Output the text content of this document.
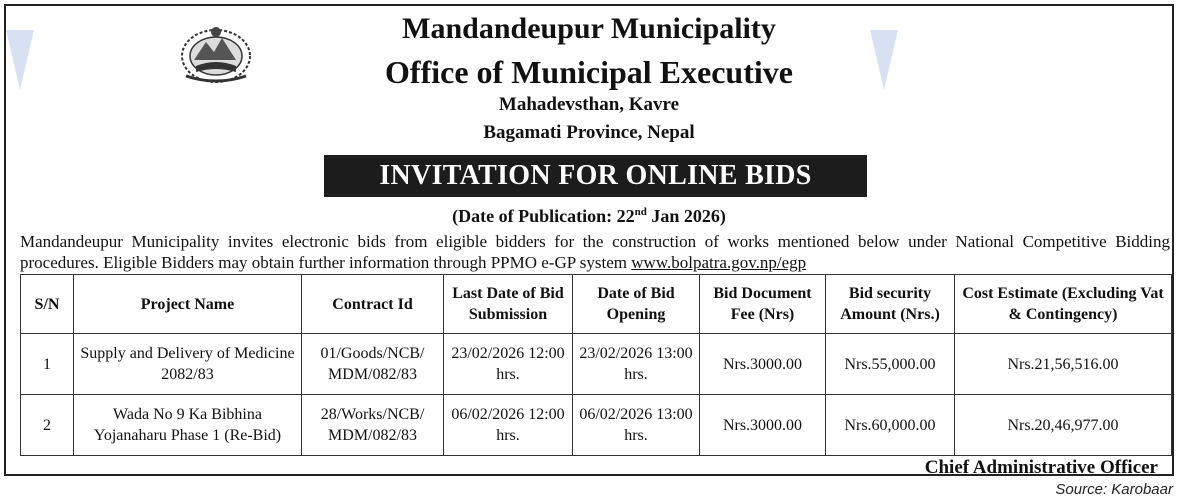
Mandandeupur Municipality
Office of Municipal Executive
Mahadevsthan, Kavre
Bagamati Province, Nepal
INVITATION FOR ONLINE BIDS
(Date of Publication: 22nd Jan 2026)
Mandandeupur Municipality invites electronic bids from eligible bidders for the construction of works mentioned below under National Competitive Bidding procedures. Eligible Bidders may obtain further information through PPMO e-GP system www.bolpatra.gov.np/egp
S/N	Project Name	Contract Id	Last Date of Bid Submission	Date of Bid Opening	Bid Document Fee (Nrs)	Bid security Amount (Nrs.)	Cost Estimate (Excluding Vat & Contingency)
1	Supply and Delivery of Medicine 2082/83	01/Goods/NCB/ MDM/082/83	23/02/2026 12:00 hrs.	23/02/2026 13:00 hrs.	Nrs.3000.00	Nrs.55,000.00	Nrs.21,56,516.00
2	Wada No 9 Ka Bibhina Yojanaharu Phase 1 (Re-Bid)	28/Works/NCB/ MDM/082/83	06/02/2026 12:00 hrs.	06/02/2026 13:00 hrs.	Nrs.3000.00	Nrs.60,000.00	Nrs.20,46,977.00
Chief Administrative Officer
Source: Karobaar
